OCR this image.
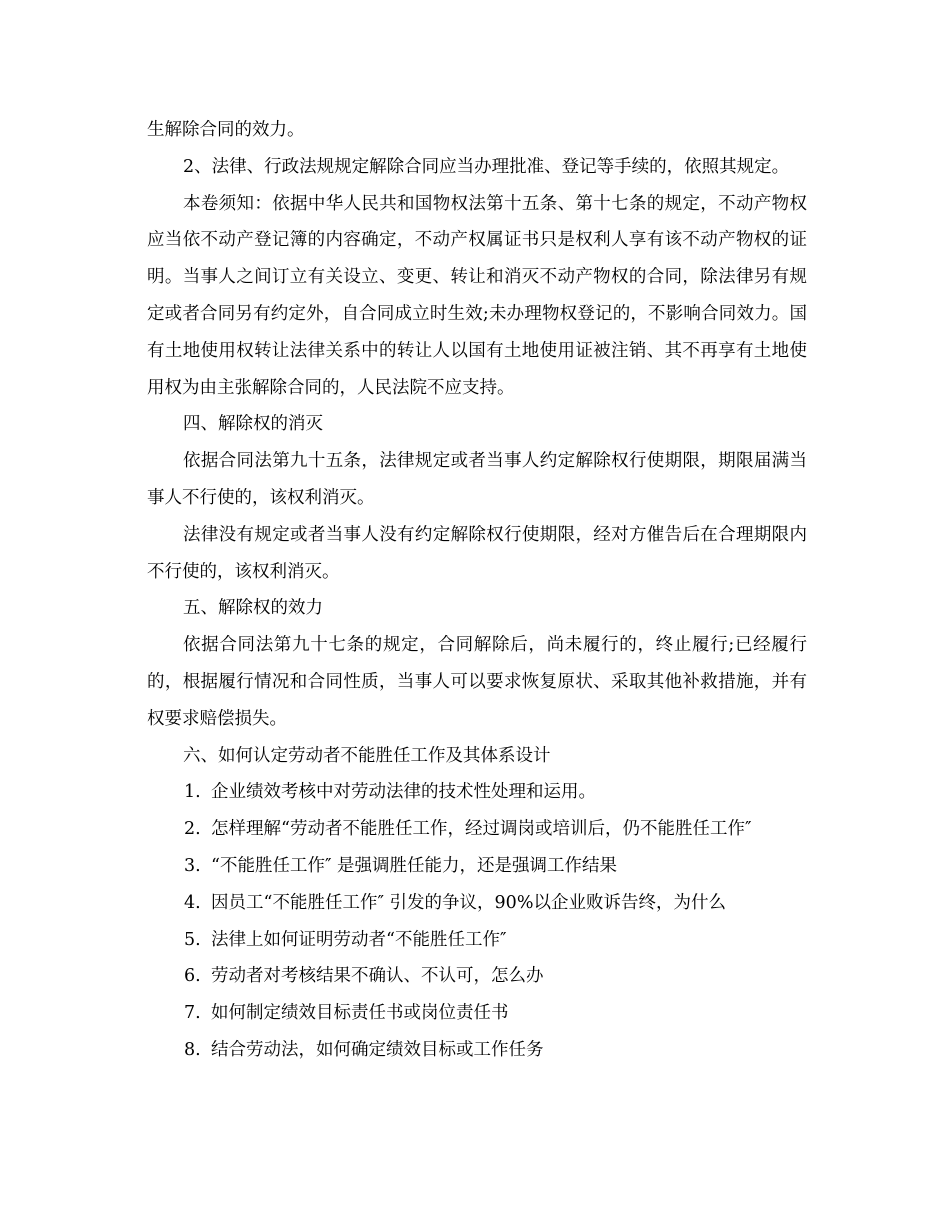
生解除合同的效力。

2、法律、行政法规规定解除合同应当办理批准、登记等手续的，依照其规定。

本卷须知：依据中华人民共和国物权法第十五条、第十七条的规定，不动产物权应当依不动产登记簿的内容确定，不动产权属证书只是权利人享有该不动产物权的证明。当事人之间订立有关设立、变更、转让和消灭不动产物权的合同，除法律另有规定或者合同另有约定外，自合同成立时生效;未办理物权登记的，不影响合同效力。国有土地使用权转让法律关系中的转让人以国有土地使用证被注销、其不再享有土地使用权为由主张解除合同的，人民法院不应支持。

四、解除权的消灭

依据合同法第九十五条，法律规定或者当事人约定解除权行使期限，期限届满当事人不行使的，该权利消灭。

法律没有规定或者当事人没有约定解除权行使期限，经对方催告后在合理期限内不行使的，该权利消灭。

五、解除权的效力

依据合同法第九十七条的规定，合同解除后，尚未履行的，终止履行;已经履行的，根据履行情况和合同性质，当事人可以要求恢复原状、采取其他补救措施，并有权要求赔偿损失。

六、如何认定劳动者不能胜任工作及其体系设计

1. 企业绩效考核中对劳动法律的技术性处理和运用。

2. 怎样理解“劳动者不能胜任工作，经过调岗或培训后，仍不能胜任工作″

3. “不能胜任工作″ 是强调胜任能力，还是强调工作结果

4. 因员工“不能胜任工作″ 引发的争议，90%以企业败诉告终，为什么

5. 法律上如何证明劳动者“不能胜任工作″

6. 劳动者对考核结果不确认、不认可，怎么办

7. 如何制定绩效目标责任书或岗位责任书

8. 结合劳动法，如何确定绩效目标或工作任务
